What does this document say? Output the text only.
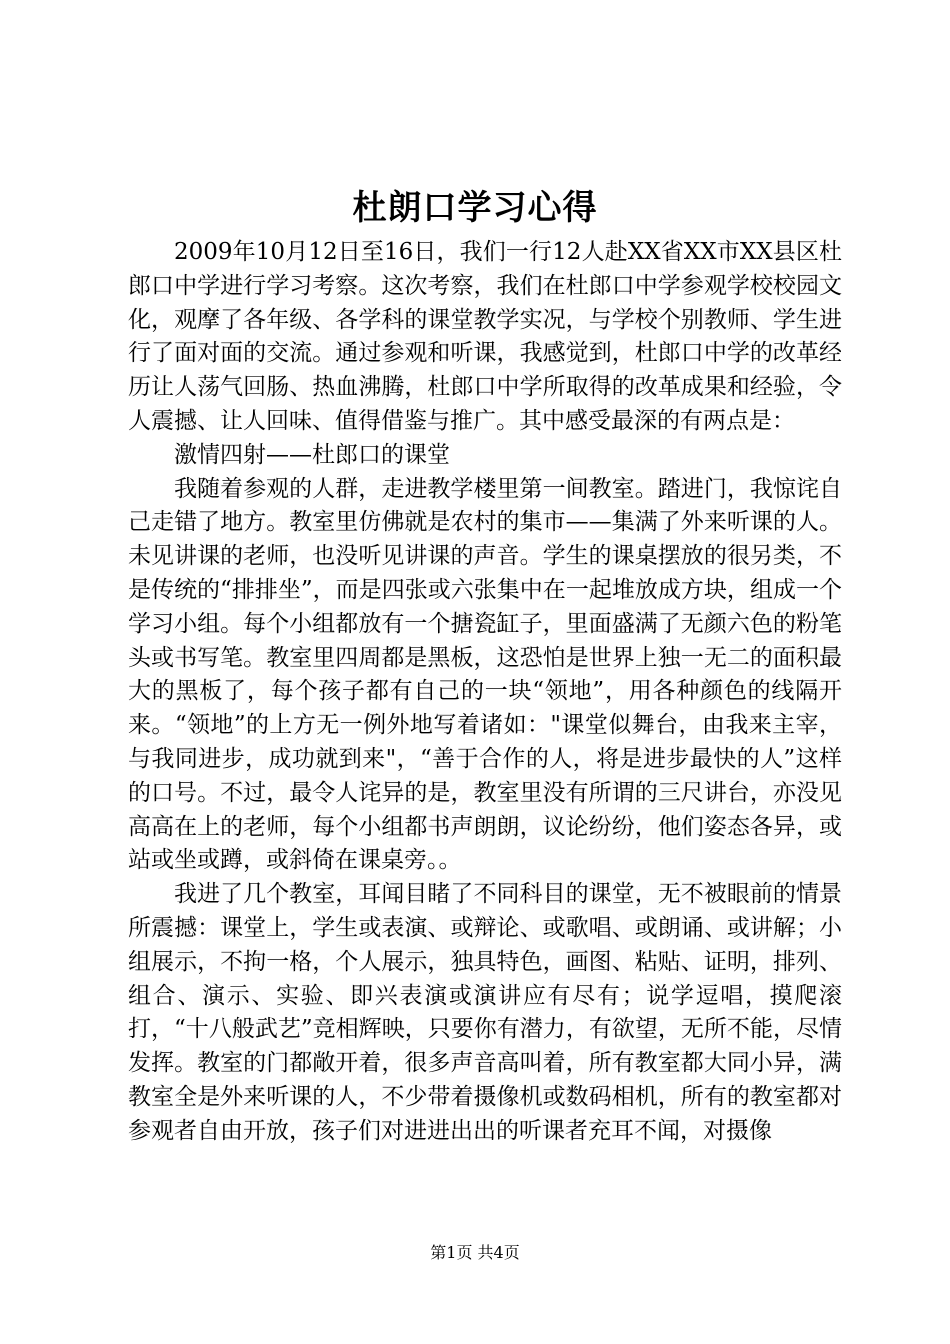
杜朗口学习心得

2009年10月12日至16日，我们一行12人赴XX省XX市XX县区杜郎口中学进行学习考察。这次考察，我们在杜郎口中学参观学校校园文化，观摩了各年级、各学科的课堂教学实况，与学校个别教师、学生进行了面对面的交流。通过参观和听课，我感觉到，杜郎口中学的改革经历让人荡气回肠、热血沸腾，杜郎口中学所取得的改革成果和经验，令人震撼、让人回味、值得借鉴与推广。其中感受最深的有两点是：

激情四射——杜郎口的课堂

我随着参观的人群，走进教学楼里第一间教室。踏进门，我惊诧自己走错了地方。教室里仿佛就是农村的集市——集满了外来听课的人。未见讲课的老师，也没听见讲课的声音。学生的课桌摆放的很另类，不是传统的“排排坐”，而是四张或六张集中在一起堆放成方块，组成一个学习小组。每个小组都放有一个搪瓷缸子，里面盛满了无颜六色的粉笔头或书写笔。教室里四周都是黑板，这恐怕是世界上独一无二的面积最大的黑板了，每个孩子都有自己的一块“领地”，用各种颜色的线隔开来。“领地”的上方无一例外地写着诸如："课堂似舞台，由我来主宰，与我同进步，成功就到来"，“善于合作的人，将是进步最快的人”这样的口号。不过，最令人诧异的是，教室里没有所谓的三尺讲台，亦没见高高在上的老师，每个小组都书声朗朗，议论纷纷，他们姿态各异，或站或坐或蹲，或斜倚在课桌旁。。

我进了几个教室，耳闻目睹了不同科目的课堂，无不被眼前的情景所震撼：课堂上，学生或表演、或辩论、或歌唱、或朗诵、或讲解；小组展示，不拘一格，个人展示，独具特色，画图、粘贴、证明，排列、组合、演示、实验、即兴表演或演讲应有尽有；说学逗唱，摸爬滚打，“十八般武艺”竞相辉映，只要你有潜力，有欲望，无所不能，尽情发挥。教室的门都敞开着，很多声音高叫着，所有教室都大同小异，满教室全是外来听课的人，不少带着摄像机或数码相机，所有的教室都对参观者自由开放，孩子们对进进出出的听课者充耳不闻，对摄像

第1页 共4页
